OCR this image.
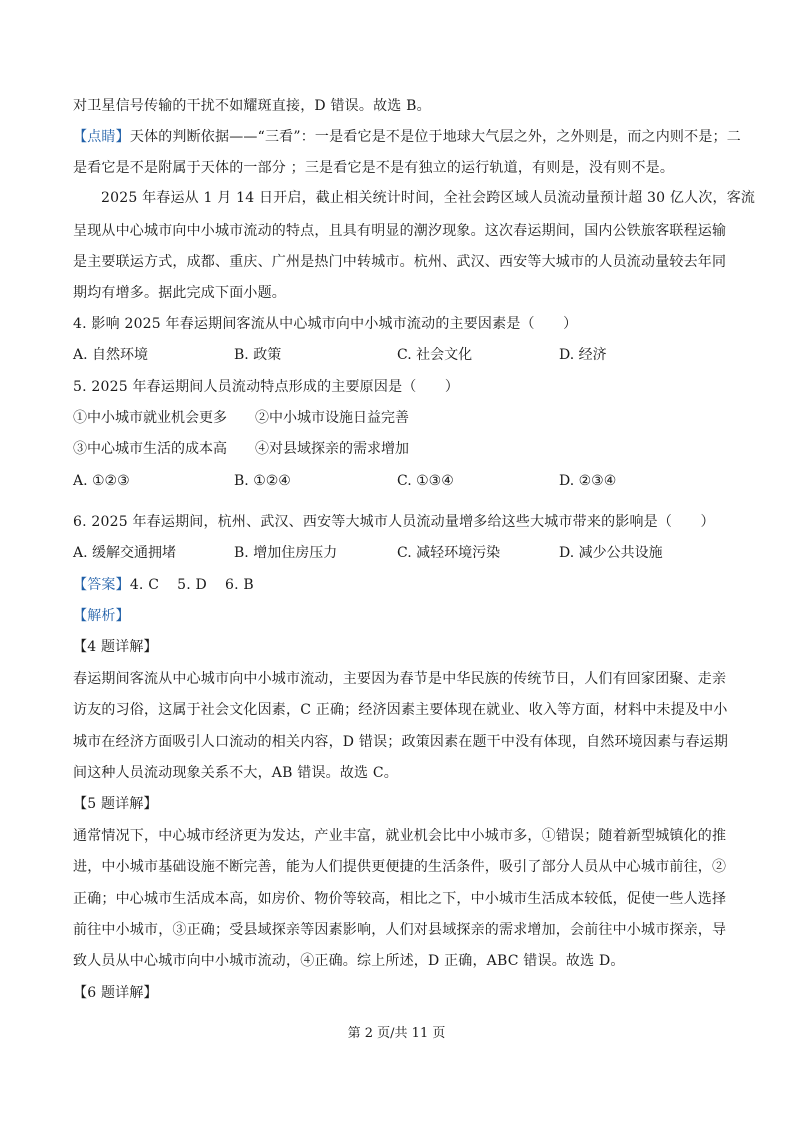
对卫星信号传输的干扰不如耀斑直接，D 错误。故选 B。
【点睛】天体的判断依据——“三看”：一是看它是不是位于地球大气层之外，之外则是，而之内则不是；二
是看它是不是附属于天体的一部分 ；三是看它是不是有独立的运行轨道，有则是，没有则不是。
2025 年春运从 1 月 14 日开启，截止相关统计时间，全社会跨区域人员流动量预计超 30 亿人次，客流
呈现从中心城市向中小城市流动的特点，且具有明显的潮汐现象。这次春运期间，国内公铁旅客联程运输
是主要联运方式，成都、重庆、广州是热门中转城市。杭州、武汉、西安等大城市的人员流动量较去年同
期均有增多。据此完成下面小题。
4. 影响 2025 年春运期间客流从中心城市向中小城市流动的主要因素是（　　）
A. 自然环境	B. 政策	C. 社会文化	D. 经济
5. 2025 年春运期间人员流动特点形成的主要原因是（　　）
①中小城市就业机会更多 ②中小城市设施日益完善
③中心城市生活的成本高 ④对县域探亲的需求增加
A. ①②③	B. ①②④	C. ①③④	D. ②③④
6. 2025 年春运期间，杭州、武汉、西安等大城市人员流动量增多给这些大城市带来的影响是（　　）
A. 缓解交通拥堵	B. 增加住房压力	C. 减轻环境污染	D. 减少公共设施
【答案】4. C 5. D 6. B
【解析】
【4 题详解】
春运期间客流从中心城市向中小城市流动，主要因为春节是中华民族的传统节日，人们有回家团聚、走亲
访友的习俗，这属于社会文化因素，C 正确；经济因素主要体现在就业、收入等方面，材料中未提及中小
城市在经济方面吸引人口流动的相关内容，D 错误；政策因素在题干中没有体现，自然环境因素与春运期
间这种人员流动现象关系不大，AB 错误。故选 C。
【5 题详解】
通常情况下，中心城市经济更为发达，产业丰富，就业机会比中小城市多，①错误；随着新型城镇化的推
进，中小城市基础设施不断完善，能为人们提供更便捷的生活条件，吸引了部分人员从中心城市前往，②
正确；中心城市生活成本高，如房价、物价等较高，相比之下，中小城市生活成本较低，促使一些人选择
前往中小城市，③正确；受县域探亲等因素影响，人们对县域探亲的需求增加，会前往中小城市探亲，导
致人员从中心城市向中小城市流动，④正确。综上所述，D 正确，ABC 错误。故选 D。
【6 题详解】
第 2 页/共 11 页
